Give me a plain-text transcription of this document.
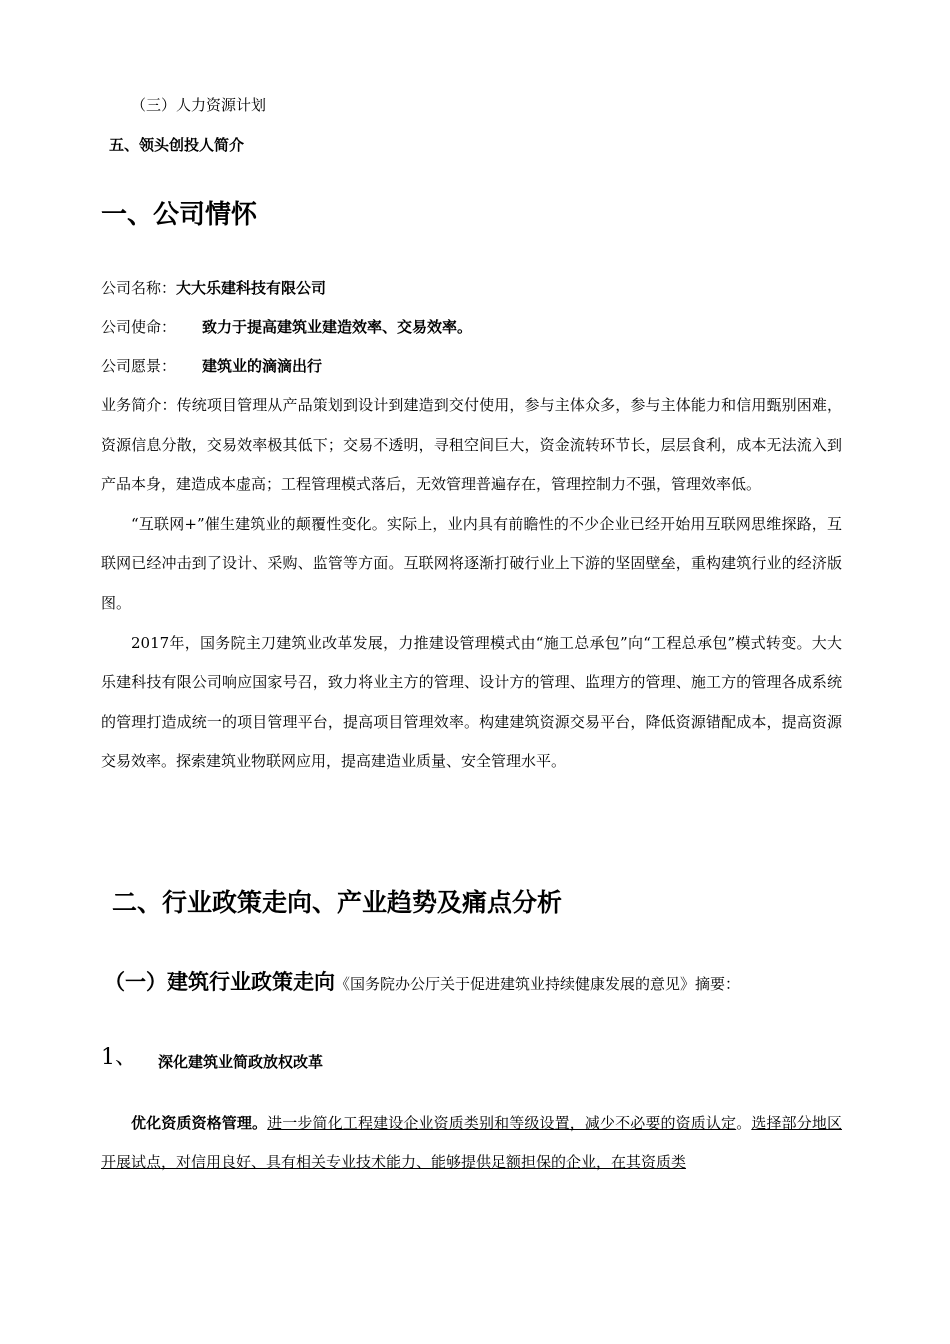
（三）人力资源计划
五、领头创投人简介
一、公司情怀
公司名称：大大乐建科技有限公司
公司使命： 致力于提高建筑业建造效率、交易效率。
公司愿景： 建筑业的滴滴出行

业务简介：传统项目管理从产品策划到设计到建造到交付使用，参与主体众多，参与主体能力和信用甄别困难，资源信息分散，交易效率极其低下；交易不透明，寻租空间巨大，资金流转环节长，层层食利，成本无法流入到产品本身，建造成本虚高；工程管理模式落后，无效管理普遍存在，管理控制力不强，管理效率低。

“互联网+”催生建筑业的颠覆性变化。实际上，业内具有前瞻性的不少企业已经开始用互联网思维探路，互联网已经冲击到了设计、采购、监管等方面。互联网将逐渐打破行业上下游的坚固壁垒，重构建筑行业的经济版图。

2017年，国务院主刀建筑业改革发展，力推建设管理模式由“施工总承包”向“工程总承包”模式转变。大大乐建科技有限公司响应国家号召，致力将业主方的管理、设计方的管理、监理方的管理、施工方的管理各成系统的管理打造成统一的项目管理平台，提高项目管理效率。构建建筑资源交易平台，降低资源错配成本，提高资源交易效率。探索建筑业物联网应用，提高建造业质量、安全管理水平。

二、行业政策走向、产业趋势及痛点分析
（一）建筑行业政策走向《国务院办公厅关于促进建筑业持续健康发展的意见》摘要：
1、 深化建筑业简政放权改革

优化资质资格管理。进一步简化工程建设企业资质类别和等级设置，减少不必要的资质认定。选择部分地区开展试点，对信用良好、具有相关专业技术能力、能够提供足额担保的企业，在其资质类
